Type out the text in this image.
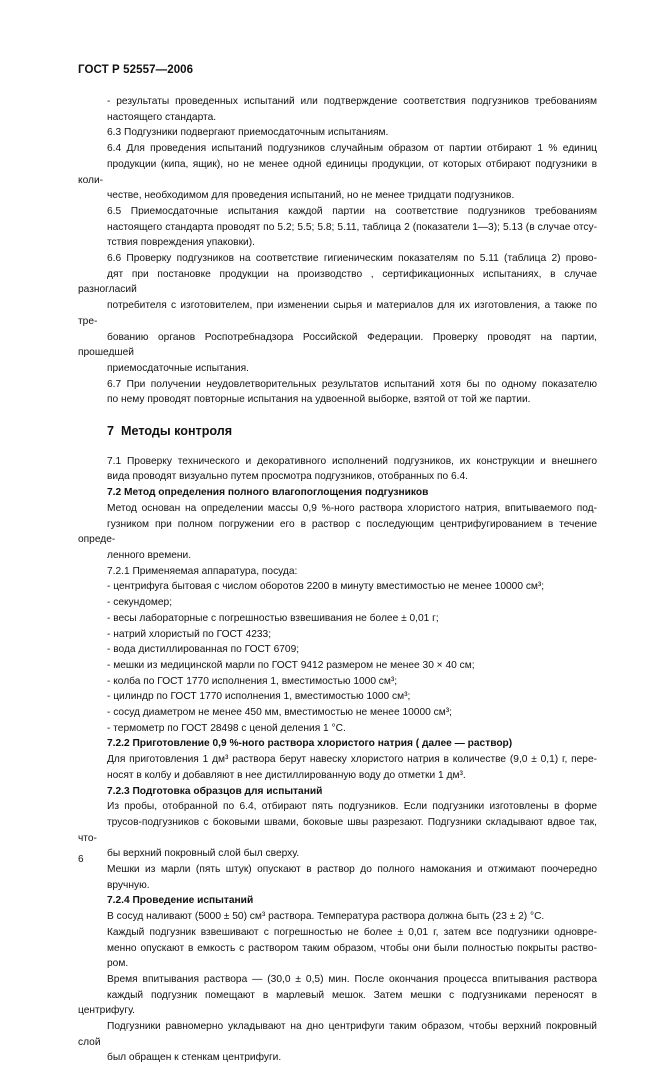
ГОСТ Р 52557—2006
- результаты проведенных испытаний или подтверждение соответствия подгузников требованиям
настоящего стандарта.
6.3 Подгузники подвергают приемосдаточным испытаниям.
6.4 Для проведения испытаний подгузников случайным образом от партии отбирают 1 % единиц
продукции (кипа, ящик), но не менее одной единицы продукции, от которых отбирают подгузники в коли-
честве, необходимом для проведения испытаний, но не менее тридцати подгузников.
6.5 Приемосдаточные испытания каждой партии на соответствие подгузников требованиям
настоящего стандарта проводят по 5.2; 5.5; 5.8; 5.11, таблица 2 (показатели 1—3); 5.13 (в случае отсу-
тствия повреждения упаковки).
6.6 Проверку подгузников на соответствие гигиеническим показателям по 5.11 (таблица 2) прово-
дят при постановке продукции на производство , сертификационных испытаниях, в случае разногласий
потребителя с изготовителем, при изменении сырья и материалов для их изготовления, а также по тре-
бованию органов Роспотребнадзора Российской Федерации. Проверку проводят на партии, прошедшей
приемосдаточные испытания.
6.7 При получении неудовлетворительных результатов испытаний хотя бы по одному показателю
по нему проводят повторные испытания на удвоенной выборке, взятой от той же партии.
7 Методы контроля
7.1 Проверку технического и декоративного исполнений подгузников, их конструкции и внешнего
вида проводят визуально путем просмотра подгузников, отобранных по 6.4.
7.2 Метод определения полного влагопоглощения подгузников
Метод основан на определении массы 0,9 %-ного раствора хлористого натрия, впитываемого под-
гузником при полном погружении его в раствор с последующим центрифугированием в течение опреде-
ленного времени.
7.2.1 Применяемая аппаратура, посуда:
- центрифуга бытовая с числом оборотов 2200 в минуту вместимостью не менее 10000 см³;
- секундомер;
- весы лабораторные с погрешностью взвешивания не более ± 0,01 г;
- натрий хлористый по ГОСТ 4233;
- вода дистиллированная по ГОСТ 6709;
- мешки из медицинской марли по ГОСТ 9412 размером не менее 30 × 40 см;
- колба по ГОСТ 1770 исполнения 1, вместимостью 1000 см³;
- цилиндр по ГОСТ 1770 исполнения 1, вместимостью 1000 см³;
- сосуд диаметром не менее 450 мм, вместимостью не менее 10000 см³;
- термометр по ГОСТ 28498 с ценой деления 1 °С.
7.2.2 Приготовление 0,9 %-ного раствора хлористого натрия ( далее — раствор)
Для приготовления 1 дм³ раствора берут навеску хлористого натрия в количестве (9,0 ± 0,1) г, пере-
носят в колбу и добавляют в нее дистиллированную воду до отметки 1 дм³.
7.2.3 Подготовка образцов для испытаний
Из пробы, отобранной по 6.4, отбирают пять подгузников. Если подгузники изготовлены в форме
трусов-подгузников с боковыми швами, боковые швы разрезают. Подгузники складывают вдвое так, что-
бы верхний покровный слой был сверху.
Мешки из марли (пять штук) опускают в раствор до полного намокания и отжимают поочередно
вручную.
7.2.4 Проведение испытаний
В сосуд наливают (5000 ± 50) см³ раствора. Температура раствора должна быть (23 ± 2) °С.
Каждый подгузник взвешивают с погрешностью не более ± 0,01 г, затем все подгузники одновре-
менно опускают в емкость с раствором таким образом, чтобы они были полностью покрыты раство-
ром.
Время впитывания раствора — (30,0 ± 0,5) мин. После окончания процесса впитывания раствора
каждый подгузник помещают в марлевый мешок. Затем мешки с подгузниками переносят в центрифугу.
Подгузники равномерно укладывают на дно центрифуги таким образом, чтобы верхний покровный слой
был обращен к стенкам центрифуги.
6
